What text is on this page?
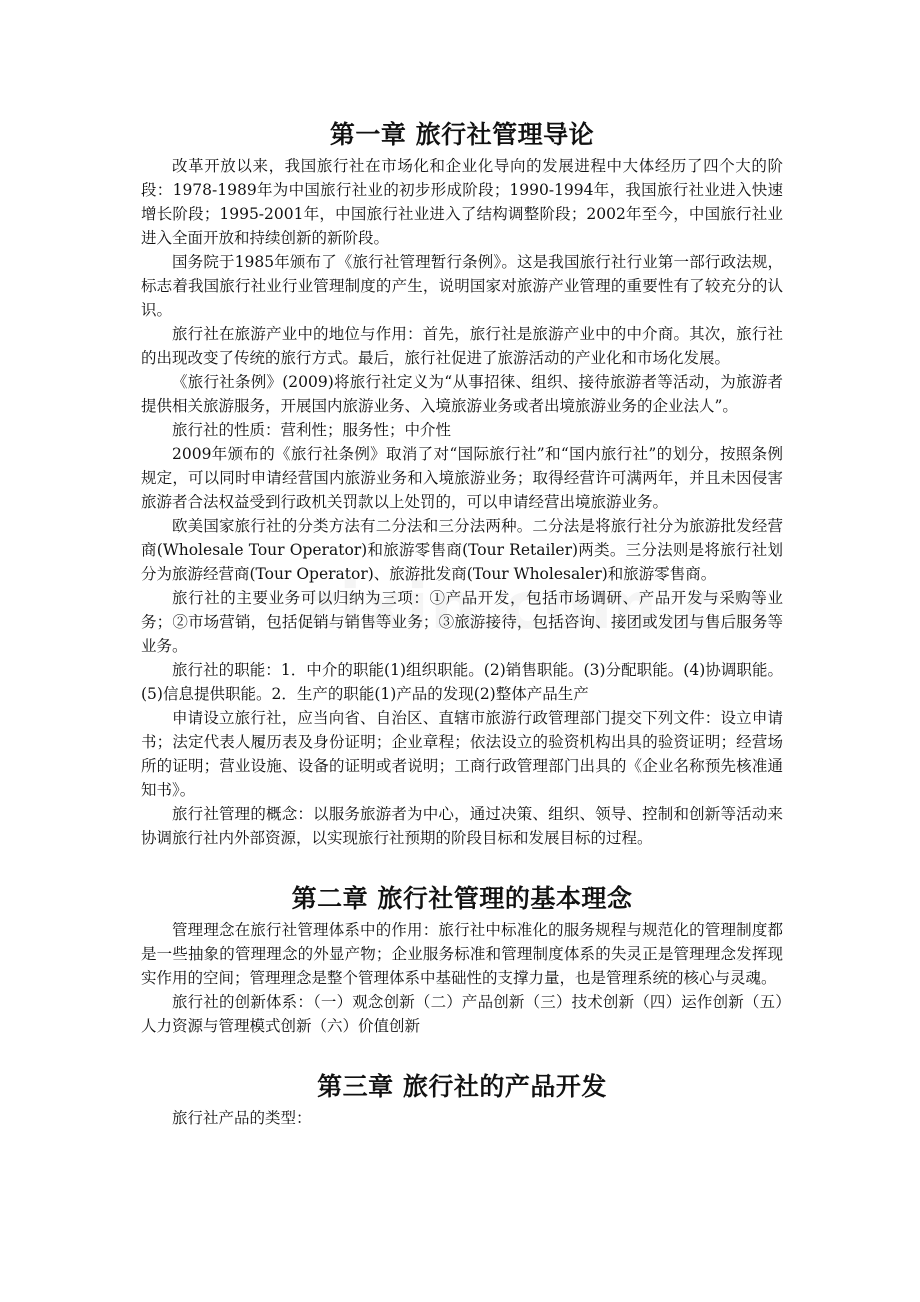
第一章 旅行社管理导论

改革开放以来，我国旅行社在市场化和企业化导向的发展进程中大体经历了四个大的阶段：1978-1989年为中国旅行社业的初步形成阶段；1990-1994年，我国旅行社业进入快速增长阶段；1995-2001年，中国旅行社业进入了结构调整阶段；2002年至今，中国旅行社业进入全面开放和持续创新的新阶段。

国务院于1985年颁布了《旅行社管理暂行条例》。这是我国旅行社行业第一部行政法规，标志着我国旅行社业行业管理制度的产生，说明国家对旅游产业管理的重要性有了较充分的认识。

旅行社在旅游产业中的地位与作用：首先，旅行社是旅游产业中的中介商。其次，旅行社的出现改变了传统的旅行方式。最后，旅行社促进了旅游活动的产业化和市场化发展。

《旅行社条例》(2009)将旅行社定义为“从事招徕、组织、接待旅游者等活动，为旅游者提供相关旅游服务，开展国内旅游业务、入境旅游业务或者出境旅游业务的企业法人”。

旅行社的性质：营利性；服务性；中介性

2009年颁布的《旅行社条例》取消了对“国际旅行社”和“国内旅行社”的划分，按照条例规定，可以同时申请经营国内旅游业务和入境旅游业务；取得经营许可满两年，并且未因侵害旅游者合法权益受到行政机关罚款以上处罚的，可以申请经营出境旅游业务。

欧美国家旅行社的分类方法有二分法和三分法两种。二分法是将旅行社分为旅游批发经营商(Wholesale Tour Operator)和旅游零售商(Tour Retailer)两类。三分法则是将旅行社划分为旅游经营商(Tour Operator)、旅游批发商(Tour Wholesaler)和旅游零售商。

旅行社的主要业务可以归纳为三项：①产品开发，包括市场调研、产品开发与采购等业务；②市场营销，包括促销与销售等业务；③旅游接待，包括咨询、接团或发团与售后服务等业务。

旅行社的职能：1．中介的职能(1)组织职能。(2)销售职能。(3)分配职能。(4)协调职能。(5)信息提供职能。2．生产的职能(1)产品的发现(2)整体产品生产

申请设立旅行社，应当向省、自治区、直辖市旅游行政管理部门提交下列文件：设立申请书；法定代表人履历表及身份证明；企业章程；依法设立的验资机构出具的验资证明；经营场所的证明；营业设施、设备的证明或者说明；工商行政管理部门出具的《企业名称预先核准通知书》。

旅行社管理的概念：以服务旅游者为中心，通过决策、组织、领导、控制和创新等活动来协调旅行社内外部资源，以实现旅行社预期的阶段目标和发展目标的过程。

第二章 旅行社管理的基本理念

管理理念在旅行社管理体系中的作用：旅行社中标准化的服务规程与规范化的管理制度都是一些抽象的管理理念的外显产物；企业服务标准和管理制度体系的失灵正是管理理念发挥现实作用的空间；管理理念是整个管理体系中基础性的支撑力量，也是管理系统的核心与灵魂。

旅行社的创新体系：（一）观念创新（二）产品创新（三）技术创新（四）运作创新（五）人力资源与管理模式创新（六）价值创新

第三章 旅行社的产品开发

旅行社产品的类型：
